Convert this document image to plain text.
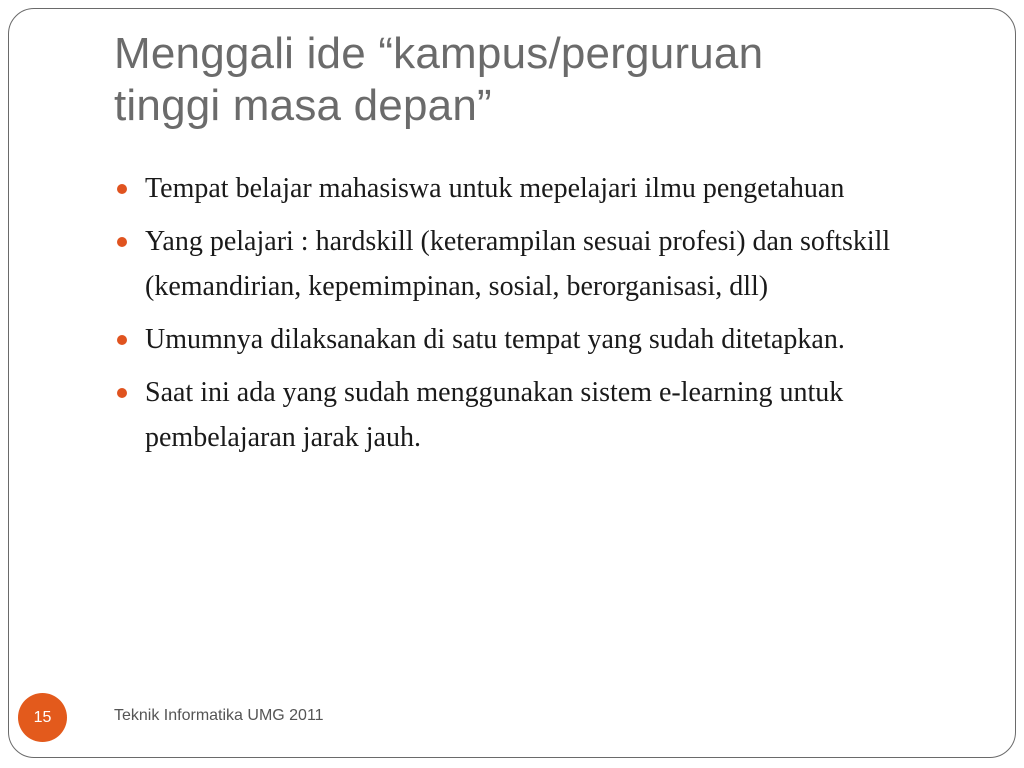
Menggali ide “kampus/perguruan
tinggi masa depan”
Tempat belajar mahasiswa untuk mepelajari ilmu pengetahuan
Yang pelajari : hardskill (keterampilan sesuai profesi) dan softskill (kemandirian, kepemimpinan, sosial, berorganisasi, dll)
Umumnya dilaksanakan di satu tempat yang sudah ditetapkan.
Saat ini ada yang sudah menggunakan sistem e-learning untuk pembelajaran jarak jauh.
15	Teknik Informatika UMG 2011
